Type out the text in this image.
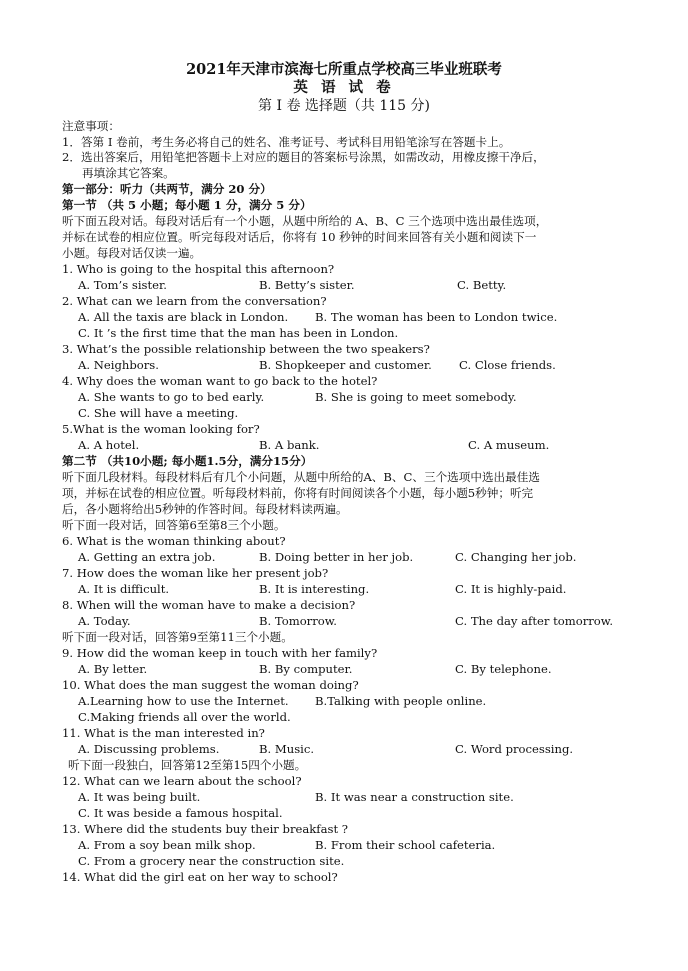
2021年天津市滨海七所重点学校高三毕业班联考
英 语 试 卷
第 I 卷 选择题（共 115 分)
注意事项：
1．答第 I 卷前，考生务必将自己的姓名、准考证号、考试科目用铅笔涂写在答题卡上。
2．选出答案后，用铅笔把答题卡上对应的题目的答案标号涂黑，如需改动，用橡皮擦干净后，
再填涂其它答案。
第一部分：听力（共两节，满分 20 分）
第一节 （共 5 小题；每小题 1 分，满分 5 分）
听下面五段对话。每段对话后有一个小题，从题中所给的 A、B、C 三个选项中选出最佳选项，
并标在试卷的相应位置。听完每段对话后，你将有 10 秒钟的时间来回答有关小题和阅读下一
小题。每段对话仅读一遍。
1. Who is going to the hospital this afternoon?
A. Tom’s sister.	B. Betty’s sister.	C. Betty.
2. What can we learn from the conversation?
A. All the taxis are black in London. B. The woman has been to London twice.
C. It ’s the first time that the man has been in London.
3. What’s the possible relationship between the two speakers?
A. Neighbors.	B. Shopkeeper and customer. C. Close friends.
4. Why does the woman want to go back to the hotel?
A. She wants to go to bed early.	B. She is going to meet somebody.
C. She will have a meeting.
5.What is the woman looking for?
A. A hotel.	B. A bank.	C. A museum.
第二节 （共10小题; 每小题1.5分，满分15分）
听下面几段材料。每段材料后有几个小问题，从题中所给的A、B、C、三个选项中选出最佳选
项，并标在试卷的相应位置。听每段材料前，你将有时间阅读各个小题，每小题5秒钟；听完
后，各小题将给出5秒钟的作答时间。每段材料读两遍。
听下面一段对话，回答第6至第8三个小题。
6. What is the woman thinking about?
A. Getting an extra job.	B. Doing better in her job.	C. Changing her job.
7. How does the woman like her present job?
A. It is difficult.	B. It is interesting.	C. It is highly-paid.
8. When will the woman have to make a decision?
A. Today.	B. Tomorrow.	C. The day after tomorrow.
听下面一段对话，回答第9至第11三个小题。
9. How did the woman keep in touch with her family?
A. By letter.	B. By computer.	C. By telephone.
10. What does the man suggest the woman doing?
A.Learning how to use the Internet. B.Talking with people online.
C.Making friends all over the world.
11. What is the man interested in?
A. Discussing problems.	B. Music.	C. Word processing.
听下面一段独白，回答第12至第15四个小题。
12. What can we learn about the school?
A. It was being built.	B. It was near a construction site.
C. It was beside a famous hospital.
13. Where did the students buy their breakfast ?
A. From a soy bean milk shop.	B. From their school cafeteria.
C. From a grocery near the construction site.
14. What did the girl eat on her way to school?
